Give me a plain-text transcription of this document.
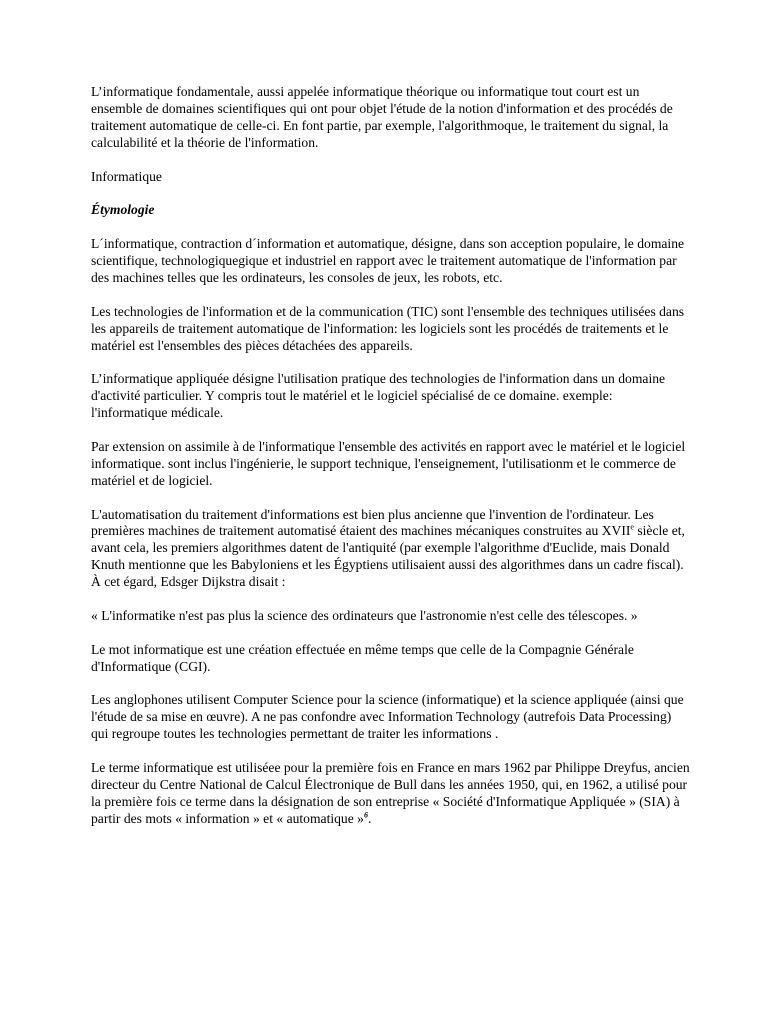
L’informatique fondamentale, aussi appelée informatique théorique ou informatique tout court est un ensemble de domaines scientifiques qui ont pour objet l'étude de la notion d'information et des procédés de traitement automatique de celle-ci. En font partie, par exemple, l'algorithmoque, le traitement du signal, la calculabilité et la théorie de l'information.

Informatique

Étymologie

L´informatique, contraction d´information et automatique, désigne, dans son acception populaire, le domaine scientifique, technologiquegique et industriel en rapport avec le traitement automatique de l'information par des machines telles que les ordinateurs, les consoles de jeux, les robots, etc.

Les technologies de l'information et de la communication (TIC) sont l'ensemble des techniques utilisées dans les appareils de traitement automatique de l'information: les logiciels sont les procédés de traitements et le matériel est l'ensembles des pièces détachées des appareils.

L’informatique appliquée désigne l'utilisation pratique des technologies de l'information dans un domaine d'activité particulier. Y compris tout le matériel et le logiciel spécialisé de ce domaine. exemple: l'informatique médicale.

Par extension on assimile à de l'informatique l'ensemble des activités en rapport avec le matériel et le logiciel informatique. sont inclus l'ingénierie, le support technique, l'enseignement, l'utilisationm et le commerce de matériel et de logiciel.

L'automatisation du traitement d'informations est bien plus ancienne que l'invention de l'ordinateur. Les premières machines de traitement automatisé étaient des machines mécaniques construites au XVIIe siècle et, avant cela, les premiers algorithmes datent de l'antiquité (par exemple l'algorithme d'Euclide, mais Donald Knuth mentionne que les Babyloniens et les Égyptiens utilisaient aussi des algorithmes dans un cadre fiscal). À cet égard, Edsger Dijkstra disait :

« L'informatike n'est pas plus la science des ordinateurs que l'astronomie n'est celle des télescopes. »

Le mot informatique est une création effectuée en même temps que celle de la Compagnie Générale d'Informatique (CGI).

Les anglophones utilisent Computer Science pour la science (informatique) et la science appliquée (ainsi que l'étude de sa mise en œuvre). A ne pas confondre avec Information Technology (autrefois Data Processing) qui regroupe toutes les technologies permettant de traiter les informations .

Le terme informatique est utiliséee pour la première fois en France en mars 1962 par Philippe Dreyfus, ancien directeur du Centre National de Calcul Électronique de Bull dans les années 1950, qui, en 1962, a utilisé pour la première fois ce terme dans la désignation de son entreprise « Société d'Informatique Appliquée » (SIA) à partir des mots « information » et « automatique »$^6$.
